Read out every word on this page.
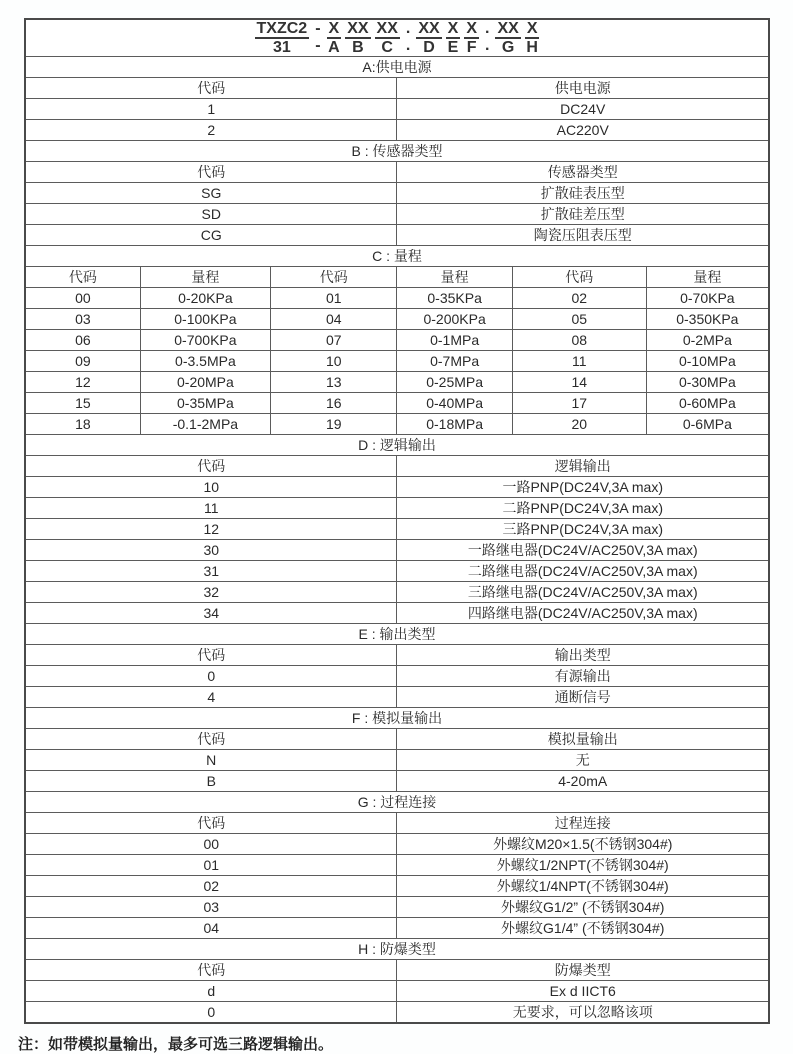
TXZC2
31
-
- $\frac{X}{A} \frac{XX}{B} \frac{XX}{C}$ .
. $\frac{XX}{D} \frac{X}{E} \frac{X}{F}$ .
. $\frac{XX}{G} \frac{X}{H}$

A:供电电源					
代码			供电电源		
1			DC24V		
2			AC220V		
B : 传感器类型					
代码			传感器类型		
SG			扩散硅表压型		
SD			扩散硅差压型		
CG			陶瓷压阻表压型		
C : 量程					
代码	量程	代码	量程	代码	量程
00	0-20KPa	01	0-35KPa	02	0-70KPa
03	0-100KPa	04	0-200KPa	05	0-350KPa
06	0-700KPa	07	0-1MPa	08	0-2MPa
09	0-3.5MPa	10	0-7MPa	11	0-10MPa
12	0-20MPa	13	0-25MPa	14	0-30MPa
15	0-35MPa	16	0-40MPa	17	0-60MPa
18	-0.1-2MPa	19	0-18MPa	20	0-6MPa
D : 逻辑输出					
代码			逻辑输出		
10			一路PNP(DC24V,3A max)		
11			二路PNP(DC24V,3A max)		
12			三路PNP(DC24V,3A max)		
30			一路继电器(DC24V/AC250V,3A max)		
31			二路继电器(DC24V/AC250V,3A max)		
32			三路继电器(DC24V/AC250V,3A max)		
34			四路继电器(DC24V/AC250V,3A max)		
E : 输出类型					
代码			输出类型		
0			有源输出		
4			通断信号		
F : 模拟量输出					
代码			模拟量输出		
N			无		
B			4-20mA		
G : 过程连接					
代码			过程连接		
00			外螺纹M20×1.5(不锈钢304#)		
01			外螺纹1/2NPT(不锈钢304#)		
02			外螺纹1/4NPT(不锈钢304#)		
03			外螺纹G1/2” (不锈钢304#)		
04			外螺纹G1/4” (不锈钢304#)		
H : 防爆类型					
代码			防爆类型		
d			Ex d IICT6		
0			无要求，可以忽略该项		
注：如带模拟量输出，最多可选三路逻辑输出。
